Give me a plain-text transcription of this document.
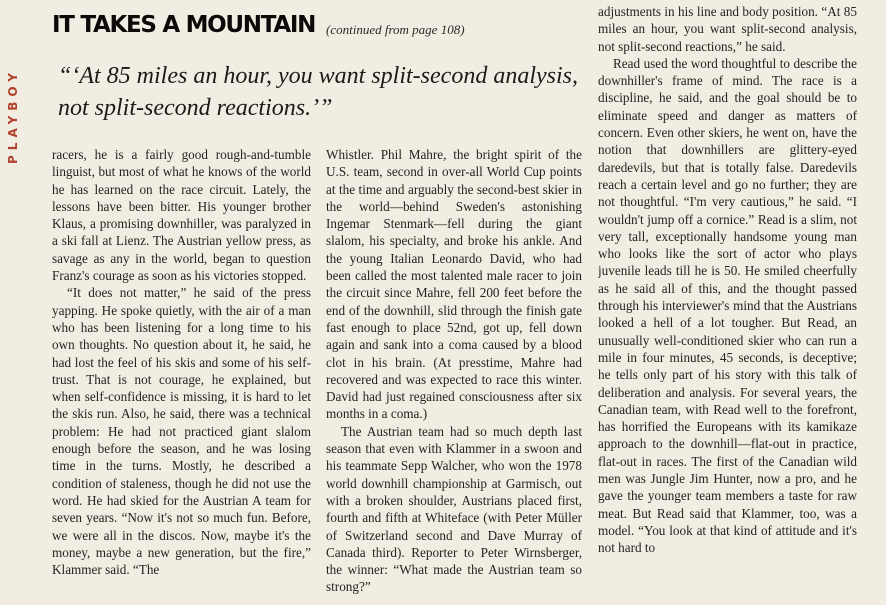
PLAYBOY
IT TAKES A MOUNTAIN (continued from page 108)
“‘At 85 miles an hour, you want split-second analysis, not split-second reactions.’”

racers, he is a fairly good rough-and-tumble linguist, but most of what he knows of the world he has learned on the race circuit. Lately, the lessons have been bitter. His younger brother Klaus, a promising downhiller, was paralyzed in a ski fall at Lienz. The Austrian yellow press, as savage as any in the world, began to question Franz's courage as soon as his victories stopped.

“It does not matter,” he said of the press yapping. He spoke quietly, with the air of a man who has been listening for a long time to his own thoughts. No question about it, he said, he had lost the feel of his skis and some of his self-trust. That is not courage, he explained, but when self-confidence is missing, it is hard to let the skis run. Also, he said, there was a technical problem: He had not practiced giant slalom enough before the season, and he was losing time in the turns. Mostly, he described a condition of staleness, though he did not use the word. He had skied for the Austrian A team for seven years. “Now it's not so much fun. Before, we were all in the discos. Now, maybe it's the money, maybe a new generation, but the fire,” Klammer said. “The

Whistler. Phil Mahre, the bright spirit of the U.S. team, second in over-all World Cup points at the time and arguably the second-best skier in the world—behind Sweden's astonishing Ingemar Stenmark—fell during the giant slalom, his specialty, and broke his ankle. And the young Italian Leonardo David, who had been called the most talented male racer to join the circuit since Mahre, fell 200 feet before the end of the downhill, slid through the finish gate fast enough to place 52nd, got up, fell down again and sank into a coma caused by a blood clot in his brain. (At presstime, Mahre had recovered and was expected to race this winter. David had just regained consciousness after six months in a coma.)

The Austrian team had so much depth last season that even with Klammer in a swoon and his teammate Sepp Walcher, who won the 1978 world downhill championship at Garmisch, out with a broken shoulder, Austrians placed first, fourth and fifth at Whiteface (with Peter Müller of Switzerland second and Dave Murray of Canada third). Reporter to Peter Wirnsberger, the winner: “What made the Austrian team so strong?”

adjustments in his line and body position. “At 85 miles an hour, you want split-second analysis, not split-second reactions,” he said.

Read used the word thoughtful to describe the downhiller's frame of mind. The race is a discipline, he said, and the goal should be to eliminate speed and danger as matters of concern. Even other skiers, he went on, have the notion that downhillers are glittery-eyed daredevils, but that is totally false. Daredevils reach a certain level and go no further; they are not thoughtful. “I'm very cautious,” he said. “I wouldn't jump off a cornice.” Read is a slim, not very tall, exceptionally handsome young man who looks like the sort of actor who plays juvenile leads till he is 50. He smiled cheerfully as he said all of this, and the thought passed through his interviewer's mind that the Austrians looked a hell of a lot tougher. But Read, an unusually well-conditioned skier who can run a mile in four minutes, 45 seconds, is deceptive; he tells only part of his story with this talk of deliberation and analysis. For several years, the Canadian team, with Read well to the forefront, has horrified the Europeans with its kamikaze approach to the downhill—flat-out in practice, flat-out in races. The first of the Canadian wild men was Jungle Jim Hunter, now a pro, and he gave the younger team members a taste for raw meat. But Read said that Klammer, too, was a model. “You look at that kind of attitude and it's not hard to
